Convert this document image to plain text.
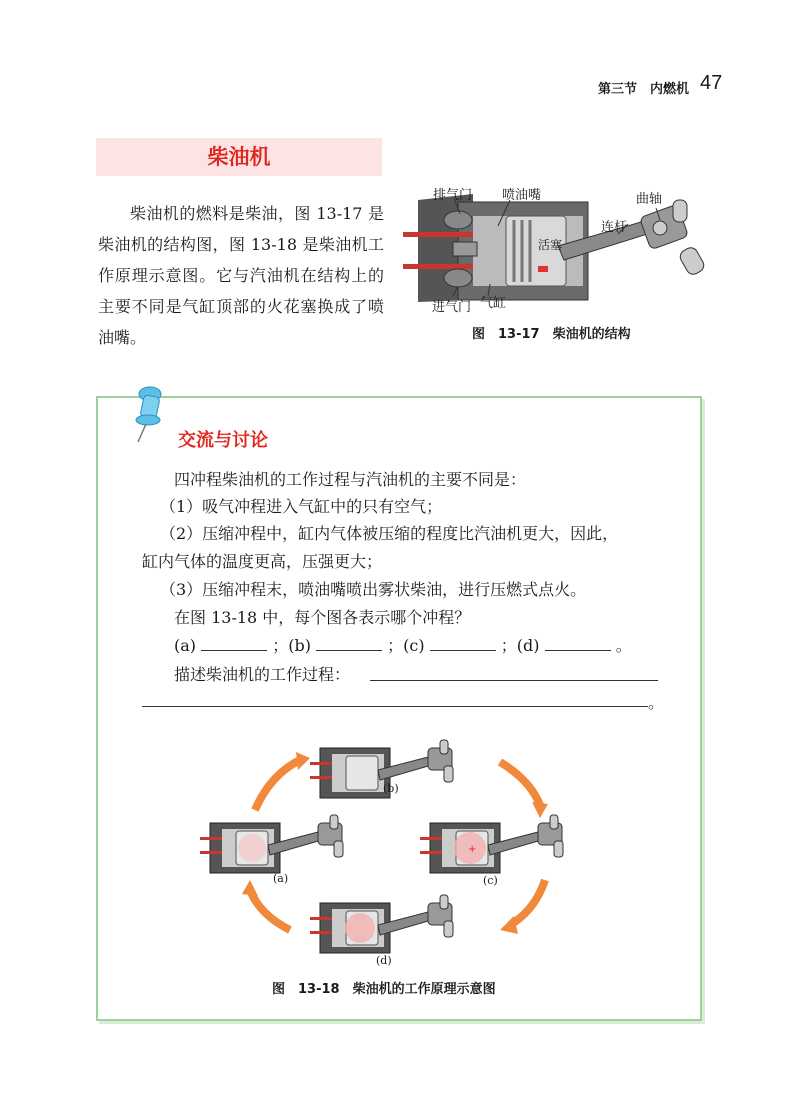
第三节　内燃机 47
柴油机
柴油机的燃料是柴油，图 13-17 是柴油机的结构图，图 13-18 是柴油机工作原理示意图。它与汽油机在结构上的主要不同是气缸顶部的火花塞换成了喷油嘴。
排气门 喷油嘴	曲轴
连杆
活塞
进气门 气缸
图　13-17　柴油机的结构
交流与讨论
四冲程柴油机的工作过程与汽油机的主要不同是：
（1）吸气冲程进入气缸中的只有空气；
（2）压缩冲程中，缸内气体被压缩的程度比汽油机更大，因此，
缸内气体的温度更高，压强更大；
（3）压缩冲程末，喷油嘴喷出雾状柴油，进行压燃式点火。
在图 13-18 中，每个图各表示哪个冲程？
(a)	；(b)	；(c)	；(d)	。
描述柴油机的工作过程：
。
+
(b)
(a)	(c)
(d)
图　13-18　柴油机的工作原理示意图
